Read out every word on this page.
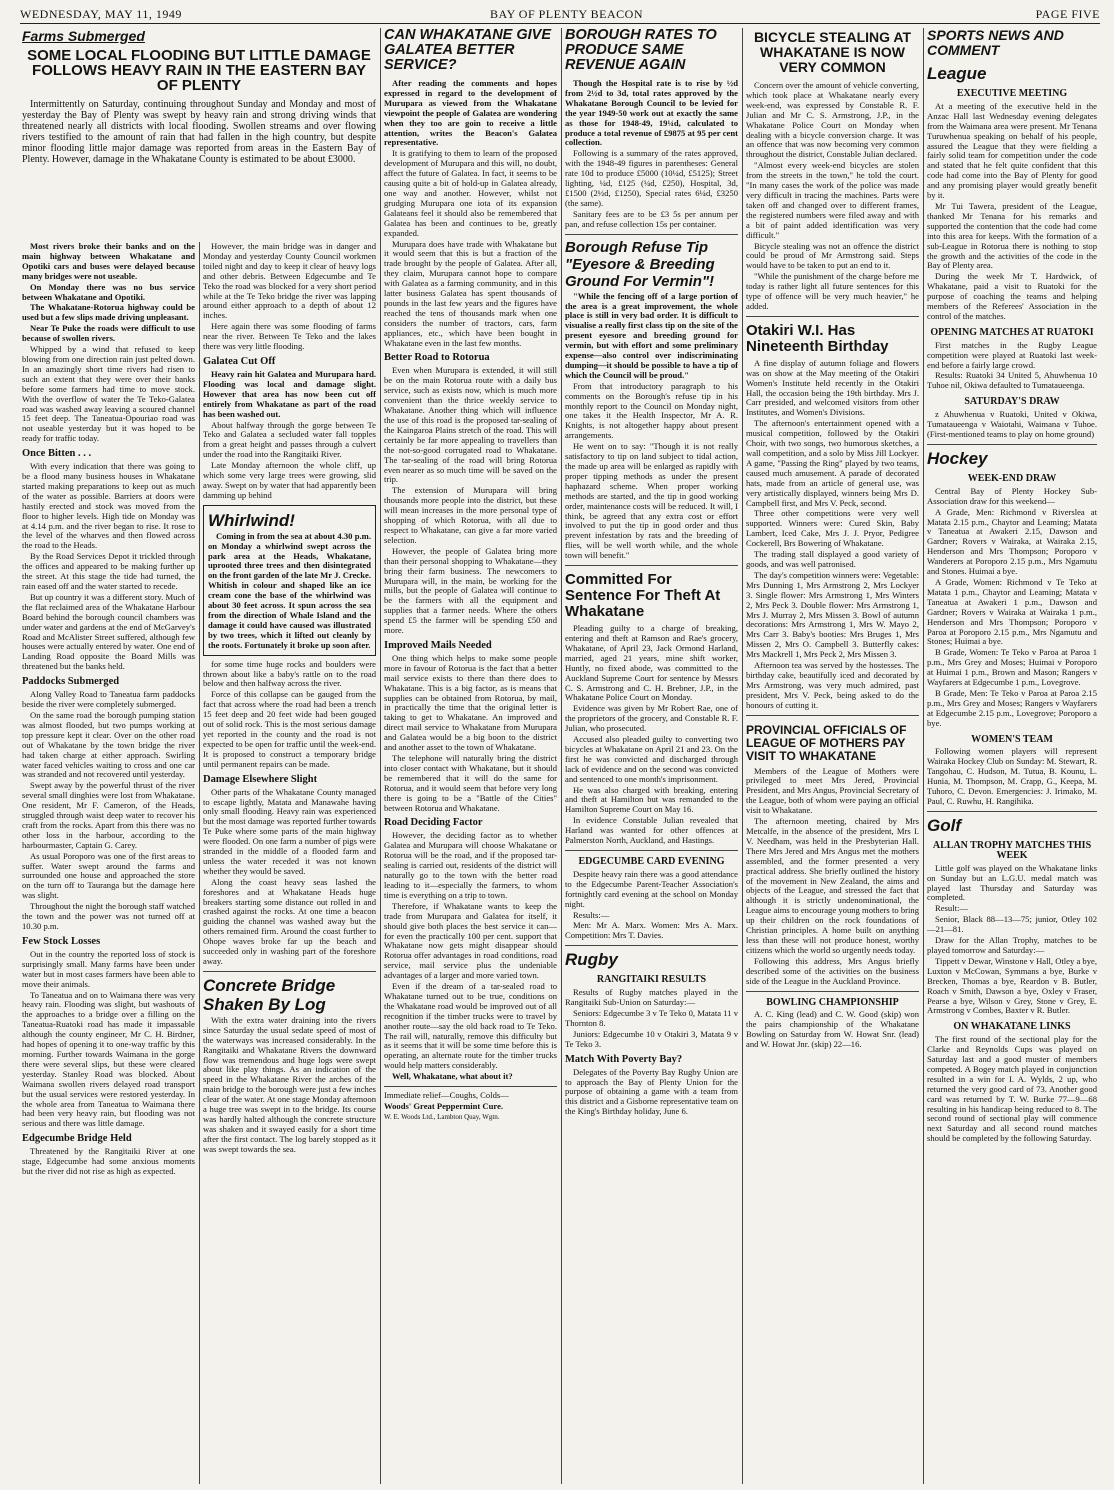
WEDNESDAY, MAY 11, 1949	BAY OF PLENTY BEACON	PAGE FIVE
Farms Submerged
SOME LOCAL FLOODING BUT LITTLE DAMAGE FOLLOWS HEAVY RAIN IN THE EASTERN BAY OF PLENTY

Intermittently on Saturday, continuing throughout Sunday and Monday and most of yesterday the Bay of Plenty was swept by heavy rain and strong driving winds that threatened nearly all districts with local flooding. Swollen streams and over flowing rivers testified to the amount of rain that had fallen in the high country, but despite minor flooding little major damage was reported from areas in the Eastern Bay of Plenty. However, damage in the Whakatane County is estimated to be about £3000.

Most rivers broke their banks and on the main highway between Whakatane and Opotiki cars and buses were delayed because many bridges were not useable.

On Monday there was no bus service between Whakatane and Opotiki.

The Whakatane-Rotorua highway could be used but a few slips made driving unpleasant.

Near Te Puke the roads were difficult to use because of swollen rivers.

Whipped by a wind that refused to keep blowing from one direction rain just pelted down. In an amazingly short time rivers had risen to such an extent that they were over their banks before some farmers had time to move stock. With the overflow of water the Te Teko-Galatea road was washed away leaving a scoured channel 15 feet deep. The Taneatua-Opouriao road was not useable yesterday but it was hoped to be ready for traffic today.

Once Bitten . . .

With every indication that there was going to be a flood many business houses in Whakatane started making preparations to keep out as much of the water as possible. Barriers at doors were hastily erected and stock was moved from the floor to higher levels. High tide on Monday was at 4.14 p.m. and the river began to rise. It rose to the level of the wharves and then flowed across the road to the Heads.

By the Road Services Depot it trickled through the offices and appeared to be making further up the street. At this stage the tide had turned, the rain eased off and the water started to recede.

But up country it was a different story. Much of the flat reclaimed area of the Whakatane Harbour Board behind the borough council chambers was under water and gardens at the end of McGarvey's Road and McAlister Street suffered, although few houses were actually entered by water. One end of Landing Road opposite the Board Mills was threatened but the banks held.

Paddocks Submerged

Along Valley Road to Taneatua farm paddocks beside the river were completely submerged.

On the same road the borough pumping station was almost flooded, but two pumps working at top pressure kept it clear. Over on the other road out of Whakatane by the town bridge the river had taken charge at either approach. Swirling water faced vehicles waiting to cross and one car was stranded and not recovered until yesterday.

Swept away by the powerful thrust of the river several small dinghies were lost from Whakatane. One resident, Mr F. Cameron, of the Heads, struggled through waist deep water to recover his craft from the rocks. Apart from this there was no other loss in the harbour, according to the harbourmaster, Captain G. Carey.

As usual Poroporo was one of the first areas to suffer. Water swept around the farms and surrounded one house and approached the store on the turn off to Tauranga but the damage here was slight.

Throughout the night the borough staff watched the town and the power was not turned off at 10.30 p.m.

Few Stock Losses

Out in the country the reported loss of stock is surprisingly small. Many farms have been under water but in most cases farmers have been able to move their animals.

To Taneatua and on to Waimana there was very heavy rain. Flooding was slight, but washouts of the approaches to a bridge over a filling on the Taneatua-Ruatoki road has made it impassable although the county engineer, Mr C. H. Birdner, had hopes of opening it to one-way traffic by this morning. Further towards Waimana in the gorge there were several slips, but these were cleared yesterday. Stanley Road was blocked. About Waimana swollen rivers delayed road transport but the usual services were restored yesterday. In the whole area from Taneatua to Waimana there had been very heavy rain, but flooding was not serious and there was little damage.

Edgecumbe Bridge Held

Threatened by the Rangitaiki River at one stage, Edgecumbe had some anxious moments but the river did not rise as high as expected.

However, the main bridge was in danger and Monday and yesterday County Council workmen toiled night and day to keep it clear of heavy logs and other debris. Between Edgecumbe and Te Teko the road was blocked for a very short period while at the Te Teko bridge the river was lapping around either approach to a depth of about 12 inches.

Here again there was some flooding of farms near the river. Between Te Teko and the lakes there was very little flooding.

Galatea Cut Off

Heavy rain hit Galatea and Murupara hard. Flooding was local and damage slight. However that area has now been cut off entirely from Whakatane as part of the road has been washed out.

About halfway through the gorge between Te Teko and Galatea a secluded water fall topples from a great height and passes through a culvert under the road into the Rangitaiki River.

Late Monday afternoon the whole cliff, up which some very large trees were growing, slid away. Swept on by water that had apparently been damming up behind

Whirlwind!

Coming in from the sea at about 4.30 p.m. on Monday a whirlwind swept across the park area at the Heads, Whakatane, uprooted three trees and then disintegrated on the front garden of the late Mr J. Crecke. Whitish in colour and shaped like an ice cream cone the base of the whirlwind was about 30 feet across. It spun across the sea from the direction of Whale Island and the damage it could have caused was illustrated by two trees, which it lifted out cleanly by the roots. Fortunately it broke up soon after.

for some time huge rocks and boulders were thrown about like a baby's rattle on to the road below and then halfway across the river.

Force of this collapse can be gauged from the fact that across where the road had been a trench 15 feet deep and 20 feet wide had been gouged out of solid rock. This is the most serious damage yet reported in the county and the road is not expected to be open for traffic until the week-end. It is proposed to construct a temporary bridge until permanent repairs can be made.

Damage Elsewhere Slight

Other parts of the Whakatane County managed to escape lightly, Matata and Manawahe having only small flooding. Heavy rain was experienced but the most damage was reported further towards Te Puke where some parts of the main highway were flooded. On one farm a number of pigs were stranded in the middle of a flooded farm and unless the water receded it was not known whether they would be saved.

Along the coast heavy seas lashed the foreshores and at Whakatane Heads huge breakers starting some distance out rolled in and crashed against the rocks. At one time a beacon guiding the channel was washed away but the others remained firm. Around the coast further to Ohope waves broke far up the beach and succeeded only in washing part of the foreshore away.

Concrete Bridge Shaken By Log

With the extra water draining into the rivers since Saturday the usual sedate speed of most of the waterways was increased considerably. In the Rangitaiki and Whakatane Rivers the downward flow was tremendous and huge logs were swept about like play things. As an indication of the speed in the Whakatane River the arches of the main bridge to the borough were just a few inches clear of the water. At one stage Monday afternoon a huge tree was swept in to the bridge. Its course was hardly halted although the concrete structure was shaken and it swayed easily for a short time after the first contact. The log barely stopped as it was swept towards the sea.

CAN WHAKATANE GIVE GALATEA BETTER SERVICE?

After reading the comments and hopes expressed in regard to the development of Murupara as viewed from the Whakatane viewpoint the people of Galatea are wondering when they too are goin to receive a little attention, writes the Beacon's Galatea representative.

It is gratifying to them to learn of the proposed development of Murupara and this will, no doubt, affect the future of Galatea. In fact, it seems to be causing quite a bit of hold-up in Galatea already, one way and another. However, whilst not grudging Murupara one iota of its expansion Galateans feel it should also be remembered that Galatea has been and continues to be, greatly expanded.

Murupara does have trade with Whakatane but it would seem that this is but a fraction of the trade brought by the people of Galatea. After all, they claim, Murupara cannot hope to compare with Galatea as a farming community, and in this latter business Galatea has spent thousands of pounds in the last few years and the figures have reached the tens of thousands mark when one considers the number of tractors, cars, farm appliances, etc., which have been bought in Whakatane even in the last few months.

Better Road to Rotorua

Even when Murupara is extended, it will still be on the main Rotorua route with a daily bus service, such as exists now, which is much more convenient than the thrice weekly service to Whakatane. Another thing which will influence the use of this road is the proposed tar-sealing of the Kaingaroa Plains stretch of the road. This will certainly be far more appealing to travellers than the not-so-good corrugated road to Whakatane. The tar-sealing of the road will bring Rotorua even nearer as so much time will be saved on the trip.

The extension of Murupara will bring thousands more people into the district, but these will mean increases in the more personal type of shopping of which Rotorua, with all due to respect to Whakatane, can give a far more varied selection.

However, the people of Galatea bring more than their personal shopping to Whakatane—they bring their farm business. The newcomers to Murupara will, in the main, be working for the mills, but the people of Galatea will continue to be the farmers with all the equipment and supplies that a farmer needs. Where the others spend £5 the farmer will be spending £50 and more.

Improved Mails Needed

One thing which helps to make some people more in favour of Rotorua is the fact that a better mail service exists to there than there does to Whakatane. This is a big factor, as is means that supplies can be obtained from Rotorua, by mail, in practically the time that the original letter is taking to get to Whakatane. An improved and direct mail service to Whakatane from Murupara and Galatea would be a big boon to the district and another asset to the town of Whakatane.

The telephone will naturally bring the district into closer contact with Whakatane, but it should be remembered that it will do the same for Rotorua, and it would seem that before very long there is going to be a "Battle of the Cities" between Rotorua and Whakatane.

Road Deciding Factor

However, the deciding factor as to whether Galatea and Murupara will choose Whakatane or Rotorua will be the road, and if the proposed tar-sealing is carried out, residents of the district will naturally go to the town with the better road leading to it—especially the farmers, to whom time is everything on a trip to town.

Therefore, if Whakatane wants to keep the trade from Murupara and Galatea for itself, it should give both places the best service it can—for even the practically 100 per cent. support that Whakatane now gets might disappear should Rotorua offer advantages in road conditions, road service, mail service plus the undeniable advantages of a larger and more varied town.

Even if the dream of a tar-sealed road to Whakatane turned out to be true, conditions on the Whakatane road would be improved out of all recognition if the timber trucks were to travel by another route—say the old back road to Te Teko. The rail will, naturally, remove this difficulty but as it seems that it will be some time before this is operating, an alternate route for the timber trucks would help matters considerably.

Well, Whakatane, what about it?

Immediate relief—Coughs, Colds—

Woods' Great Peppermint Cure.

W. E. Woods Ltd., Lambton Quay, Wgtn.

BOROUGH RATES TO PRODUCE SAME REVENUE AGAIN

Though the Hospital rate is to rise by ½d from 2½d to 3d, total rates approved by the Whakatane Borough Council to be levied for the year 1949-50 work out at exactly the same as those for 1948-49, 19¼d, calculated to produce a total revenue of £9875 at 95 per cent collection.

Following is a summary of the rates approved, with the 1948-49 figures in parentheses: General rate 10d to produce £5000 (10¼d, £5125); Street lighting, ¼d, £125 (¼d, £250), Hospital, 3d, £1500 (2½d, £1250), Special rates 6¼d, £3250 (the same).

Sanitary fees are to be £3 5s per annum per pan, and refuse collection 15s per container.

Borough Refuse Tip "Eyesore & Breeding Ground For Vermin"!

"While the fencing off of a large portion of the area is a great improvement, the whole place is still in very bad order. It is difficult to visualise a really first class tip on the site of the present eyesore and breeding ground for vermin, but with effort and some preliminary expense—also control over indiscriminating dumping—it should be possible to have a tip of which the Council will be proud."

From that introductory paragraph to his comments on the Borough's refuse tip in his monthly report to the Council on Monday night, one takes it the Health Inspector, Mr A. R. Knights, is not altogether happy about present arrangements.

He went on to say: "Though it is not really satisfactory to tip on land subject to tidal action, the made up area will be enlarged as rapidly with proper tipping methods as under the present haphazard scheme. When proper working methods are started, and the tip in good working order, maintenance costs will be reduced. It will, I think, be agreed that any extra cost or effort involved to put the tip in good order and thus prevent infestation by rats and the breeding of flies, will be well worth while, and the whole town will benefit."

Committed For Sentence For Theft At Whakatane

Pleading guilty to a charge of breaking, entering and theft at Ramson and Rae's grocery, Whakatane, of April 23, Jack Ormond Harland, married, aged 21 years, mine shift worker, Huntly, no fixed abode, was committed to the Auckland Supreme Court for sentence by Messrs C. S. Armstrong and C. H. Brebner, J.P., in the Whakatane Police Court on Monday.

Evidence was given by Mr Robert Rae, one of the proprietors of the grocery, and Constable R. F. Julian, who prosecuted.

Accused also pleaded guilty to converting two bicycles at Whakatane on April 21 and 23. On the first he was convicted and discharged through lack of evidence and on the second was convicted and sentenced to one month's imprisonment.

He was also charged with breaking, entering and theft at Hamilton but was remanded to the Hamilton Supreme Court on May 16.

In evidence Constable Julian revealed that Harland was wanted for other offences at Palmerston North, Auckland, and Hastings.

EDGECUMBE CARD EVENING

Despite heavy rain there was a good attendance to the Edgecumbe Parent-Teacher Association's fortnightly card evening at the school on Monday night.

Results:—

Men: Mr A. Marx. Women: Mrs A. Marx. Competition: Mrs T. Davies.

Rugby
RANGITAIKI RESULTS

Results of Rugby matches played in the Rangitaiki Sub-Union on Saturday:—

Seniors: Edgecumbe 3 v Te Teko 0, Matata 11 v Thornton 8.

Juniors: Edgecumbe 10 v Otakiri 3, Matata 9 v Te Teko 3.

Match With Poverty Bay?

Delegates of the Poverty Bay Rugby Union are to approach the Bay of Plenty Union for the purpose of obtaining a game with a team from this district and a Gisborne representative team on the King's Birthday holiday, June 6.

BICYCLE STEALING AT WHAKATANE IS NOW VERY COMMON

Concern over the amount of vehicle converting, which took place at Whakatane nearly every week-end, was expressed by Constable R. F. Julian and Mr C. S. Armstrong, J.P., in the Whakatane Police Court on Monday when dealing with a bicycle conversion charge. It was an offence that was now becoming very common throughout the district, Constable Julian declared.

"Almost every week-end bicycles are stolen from the streets in the town," he told the court. "In many cases the work of the police was made very difficult in tracing the machines. Parts were taken off and changed over to different frames, the registered numbers were filed away and with a bit of paint added identification was very difficult."

Bicycle stealing was not an offence the district could be proud of Mr Armstrong said. Steps would have to be taken to put an end to it.

"While the punishment of the charge before me today is rather light all future sentences for this type of offence will be very much heavier," he added.

Otakiri W.I. Has Nineteenth Birthday

A fine display of autumn foliage and flowers was on show at the May meeting of the Otakiri Women's Institute held recently in the Otakiri Hall, the occasion being the 19th birthday. Mrs J. Carr presided, and welcomed visitors from other Institutes, and Women's Divisions.

The afternoon's entertainment opened with a musical competition, followed by the Otakiri Choir, with two songs, two humorous sketches, a wall competition, and a solo by Miss Jill Lockyer. A game, "Passing the Ring" played by two teams, caused much amusement. A parade of decorated hats, made from an article of general use, was very artistically displayed, winners being Mrs D. Campbell first, and Mrs V. Peck, second.

Three other competitions were very well supported. Winners were: Cured Skin, Baby Lambert, Iced Cake, Mrs J. J. Pryor, Pedigree Cockerell, Brs Bowering of Whakatane.

The trading stall displayed a good variety of goods, and was well patronised.

The day's competition winners were: Vegetable: Mrs Dunning 1, Mrs Armstrong 2, Mrs Lockyer 3. Single flower: Mrs Armstrong 1, Mrs Winters 2, Mrs Peck 3. Double flower: Mrs Armstrong 1, Mrs J. Murray 2, Mrs Missen 3. Bowl of autumn decorations: Mrs Armstrong 1, Mrs W. Mayo 2, Mrs Carr 3. Baby's booties: Mrs Bruges 1, Mrs Missen 2, Mrs O. Campbell 3. Butterfly cakes: Mrs Mackrell 1, Mrs Peck 2, Mrs Missen 3.

Afternoon tea was served by the hostesses. The birthday cake, beautifully iced and decorated by Mrs Armstrong, was very much admired, past president, Mrs V. Peck, being asked to do the honours of cutting it.

PROVINCIAL OFFICIALS OF LEAGUE OF MOTHERS PAY VISIT TO WHAKATANE

Members of the League of Mothers were privileged to meet Mrs Jered, Provincial President, and Mrs Angus, Provincial Secretary of the League, both of whom were paying an official visit to Whakatane.

The afternoon meeting, chaired by Mrs Metcalfe, in the absence of the president, Mrs I. V. Needham, was held in the Presbyterian Hall. There Mrs Jered and Mrs Angus met the mothers assembled, and the former presented a very practical address. She briefly outlined the history of the movement in New Zealand, the aims and objects of the League, and stressed the fact that although it is strictly undenominational, the League aims to encourage young mothers to bring up their children on the rock foundations of Christian principles. A home built on anything less than these will not produce honest, worthy citizens which the world so urgently needs today.

Following this address, Mrs Angus briefly described some of the activities on the business side of the League in the Auckland Province.

BOWLING CHAMPIONSHIP

A. C. King (lead) and C. W. Good (skip) won the pairs championship of the Whakatane Bowling on Saturday from W. Howat Snr. (lead) and W. Howat Jnr. (skip) 22—16.

SPORTS NEWS AND COMMENT
League
EXECUTIVE MEETING

At a meeting of the executive held in the Anzac Hall last Wednesday evening delegates from the Waimana area were present. Mr Tenana Turuwhenua speaking on behalf of his people, assured the League that they were fielding a fairly solid team for competition under the code and stated that he felt quite confident that this code had come into the Bay of Plenty for good and any promising player would greatly benefit by it.

Mr Tui Tawera, president of the League, thanked Mr Tenana for his remarks and supported the contention that the code had come into this area for keeps. With the formation of a sub-League in Rotorua there is nothing to stop the growth and the activities of the code in the Bay of Plenty area.

During the week Mr T. Hardwick, of Whakatane, paid a visit to Ruatoki for the purpose of coaching the teams and helping members of the Referees' Association in the control of the matches.

OPENING MATCHES AT RUATOKI

First matches in the Rugby League competition were played at Ruatoki last week-end before a fairly large crowd.

Results: Ruatoki 34 United 5, Ahuwhenua 10 Tuhoe nil, Okiwa defaulted to Tumataueenga.

SATURDAY'S DRAW

z Ahuwhenua v Ruatoki, United v Okiwa, Tumataueenga v Waiotahi, Waimana v Tuhoe. (First-mentioned teams to play on home ground)

Hockey
WEEK-END DRAW

Central Bay of Plenty Hockey Sub-Association draw for this weekend—

A Grade, Men: Richmond v Riverslea at Matata 2.15 p.m., Chaytor and Leaming; Matata v Taneatua at Awakeri 2.15, Dawson and Gardner; Rovers v Wairaka, at Wairaka 2.15, Henderson and Mrs Thompson; Poroporo v Wanderers at Poroporo 2.15 p.m., Mrs Ngamutu and Stones. Huimai a bye.

A Grade, Women: Richmond v Te Teko at Matata 1 p.m., Chaytor and Leaming; Matata v Taneatua at Awakeri 1 p.m., Dawson and Gardner; Rovers v Wairaka at Wairaka 1 p.m., Henderson and Mrs Thompson; Poroporo v Paroa at Poroporo 2.15 p.m., Mrs Ngamutu and Stones; Huimai a bye.

B Grade, Women: Te Teko v Paroa at Paroa 1 p.m., Mrs Grey and Moses; Huimai v Poroporo at Huimai 1 p.m., Brown and Mason; Rangers v Wayfarers at Edgecumbe 1 p.m., Lovegrove.

B Grade, Men: Te Teko v Paroa at Paroa 2.15 p.m., Mrs Grey and Moses; Rangers v Wayfarers at Edgecumbe 2.15 p.m., Lovegrove; Poroporo a bye.

WOMEN'S TEAM

Following women players will represent Wairaka Hockey Club on Sunday: M. Stewart, R. Tangohau, C. Hudson, M. Tutua, B. Kounu, L. Hunia, M. Thompson, M. Crapp, G., Keepa, M. Tuhoro, C. Devon. Emergencies: J. Irimako, M. Paul, C. Ruwhu, H. Rangihika.

Golf
ALLAN TROPHY MATCHES THIS WEEK

Little golf was played on the Whakatane links on Sunday but an L.G.U. medal match was played last Thursday and Saturday was completed.

Result:—

Senior, Black 88—13—75; junior, Otley 102—21—81.

Draw for the Allan Trophy, matches to be played tomorrow and Saturday:—

Tippett v Dewar, Winstone v Hall, Otley a bye, Luxton v McCowan, Symmans a bye, Burke v Brecken, Thomas a bye, Reardon v B. Butler, Roach v Smith, Dawson a bye, Oxley v Fraser, Pearse a bye, Wilson v Grey, Stone v Grey, E. Armstrong v Combes, Baxter v R. Butler.

ON WHAKATANE LINKS

The first round of the sectional play for the Clarke and Reynolds Cups was played on Saturday last and a good muster of members competed. A Bogey match played in conjunction resulted in a win for I. A. Wylds, 2 up, who returned the very good card of 73. Another good card was returned by T. W. Burke 77—9—68 resulting in his handicap being reduced to 8. The second round of sectional play will commence next Saturday and all second round matches should be completed by the following Saturday.
